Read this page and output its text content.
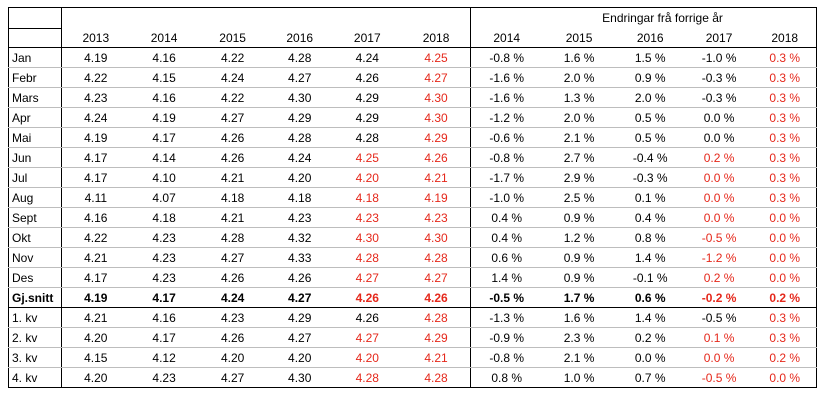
							Endringar frå forrige år				
	2013	2014	2015	2016	2017	2018	2014	2015	2016	2017	2018
Jan	4.19	4.16	4.22	4.28	4.24	4.25	-0.8 %	1.6 %	1.5 %	-1.0 %	0.3 %
Febr	4.22	4.15	4.24	4.27	4.26	4.27	-1.6 %	2.0 %	0.9 %	-0.3 %	0.3 %
Mars	4.23	4.16	4.22	4.30	4.29	4.30	-1.6 %	1.3 %	2.0 %	-0.3 %	0.3 %
Apr	4.24	4.19	4.27	4.29	4.29	4.30	-1.2 %	2.0 %	0.5 %	0.0 %	0.3 %
Mai	4.19	4.17	4.26	4.28	4.28	4.29	-0.6 %	2.1 %	0.5 %	0.0 %	0.3 %
Jun	4.17	4.14	4.26	4.24	4.25	4.26	-0.8 %	2.7 %	-0.4 %	0.2 %	0.3 %
Jul	4.17	4.10	4.21	4.20	4.20	4.21	-1.7 %	2.9 %	-0.3 %	0.0 %	0.3 %
Aug	4.11	4.07	4.18	4.18	4.18	4.19	-1.0 %	2.5 %	0.1 %	0.0 %	0.3 %
Sept	4.16	4.18	4.21	4.23	4.23	4.23	0.4 %	0.9 %	0.4 %	0.0 %	0.0 %
Okt	4.22	4.23	4.28	4.32	4.30	4.30	0.4 %	1.2 %	0.8 %	-0.5 %	0.0 %
Nov	4.21	4.23	4.27	4.33	4.28	4.28	0.6 %	0.9 %	1.4 %	-1.2 %	0.0 %
Des	4.17	4.23	4.26	4.26	4.27	4.27	1.4 %	0.9 %	-0.1 %	0.2 %	0.0 %
Gj.snitt	4.19	4.17	4.24	4.27	4.26	4.26	-0.5 %	1.7 %	0.6 %	-0.2 %	0.2 %
1. kv	4.21	4.16	4.23	4.29	4.26	4.28	-1.3 %	1.6 %	1.4 %	-0.5 %	0.3 %
2. kv	4.20	4.17	4.26	4.27	4.27	4.29	-0.9 %	2.3 %	0.2 %	0.1 %	0.3 %
3. kv	4.15	4.12	4.20	4.20	4.20	4.21	-0.8 %	2.1 %	0.0 %	0.0 %	0.2 %
4. kv	4.20	4.23	4.27	4.30	4.28	4.28	0.8 %	1.0 %	0.7 %	-0.5 %	0.0 %
